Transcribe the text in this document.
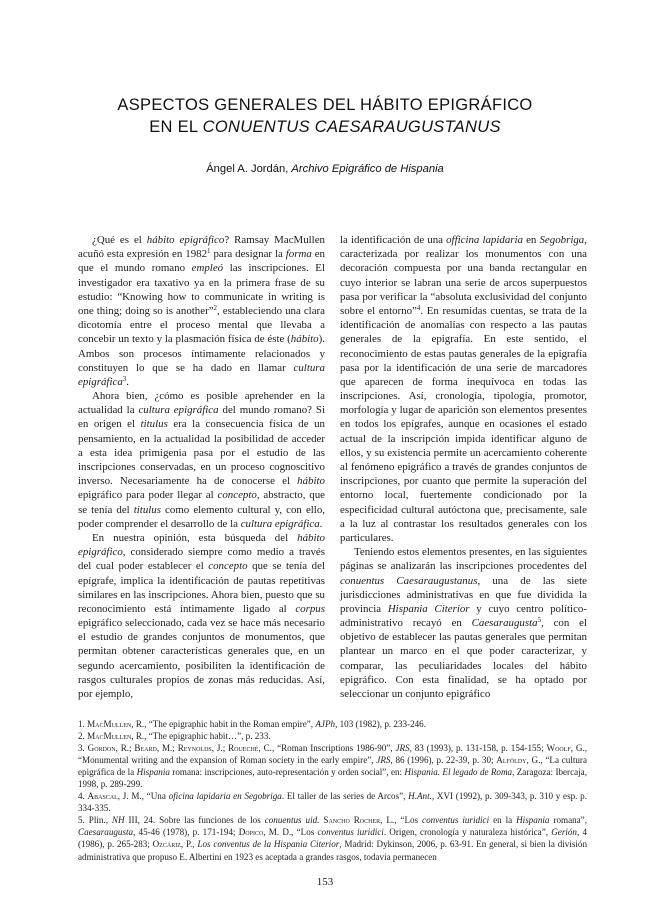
ASPECTOS GENERALES DEL HÁBITO EPIGRÁFICO
EN EL CONUENTUS CAESARAUGUSTANUS
Ángel A. Jordán, Archivo Epigráfico de Hispania

¿Qué es el hábito epigráfico? Ramsay MacMullen acuñó esta expresión en 1982$^1$ para designar la forma en que el mundo romano empleó las inscripciones. El investigador era taxativo ya en la primera frase de su estudio: “Knowing how to communicate in writing is one thing; doing so is another”$^2$, estableciendo una clara dicotomía entre el proceso mental que llevaba a concebir un texto y la plasmación física de éste (hábito). Ambos son procesos íntimamente relacionados y constituyen lo que se ha dado en llamar cultura epigráfica$^3$.

Ahora bien, ¿cómo es posible aprehender en la actualidad la cultura epigráfica del mundo romano? Si en origen el titulus era la consecuencia física de un pensamiento, en la actualidad la posibilidad de acceder a esta idea primigenia pasa por el estudio de las inscripciones conservadas, en un proceso cognoscitivo inverso. Necesariamente ha de conocerse el hábito epigráfico para poder llegar al concepto, abstracto, que se tenía del titulus como elemento cultural y, con ello, poder comprender el desarrollo de la cultura epigráfica.

En nuestra opinión, esta búsqueda del hábito epigráfico, considerado siempre como medio a través del cual poder establecer el concepto que se tenía del epígrafe, implica la identificación de pautas repetitivas similares en las inscripciones. Ahora bien, puesto que su reconocimiento está íntimamente ligado al corpus epigráfico seleccionado, cada vez se hace más necesario el estudio de grandes conjuntos de monumentos, que permitan obtener características generales que, en un segundo acercamiento, posibiliten la identificación de rasgos culturales propios de zonas más reducidas. Así, por ejemplo,

la identificación de una officina lapidaria en Segobriga, caracterizada por realizar los monumentos con una decoración compuesta por una banda rectangular en cuyo interior se labran una serie de arcos superpuestos pasa por verificar la “absoluta exclusividad del conjunto sobre el entorno”$^4$. En resumidas cuentas, se trata de la identificación de anomalías con respecto a las pautas generales de la epigrafía. En este sentido, el reconocimiento de estas pautas generales de la epigrafía pasa por la identificación de una serie de marcadores que aparecen de forma inequívoca en todas las inscripciones. Así, cronología, tipología, promotor, morfología y lugar de aparición son elementos presentes en todos los epígrafes, aunque en ocasiones el estado actual de la inscripción impida identificar alguno de ellos, y su existencia permite un acercamiento coherente al fenómeno epigráfico a través de grandes conjuntos de inscripciones, por cuanto que permite la superación del entorno local, fuertemente condicionado por la especificidad cultural autóctona que, precisamente, sale a la luz al contrastar los resultados generales con los particulares.

Teniendo estos elementos presentes, en las siguientes páginas se analizarán las inscripciones procedentes del conuentus Caesaraugustanus, una de las siete jurisdicciones administrativas en que fue dividida la provincia Hispania Citerior y cuyo centro político-administrativo recayó en Caesaraugusta$^5$, con el objetivo de establecer las pautas generales que permitan plantear un marco en el que poder caracterizar, y comparar, las peculiaridades locales del hábito epigráfico. Con esta finalidad, se ha optado por seleccionar un conjunto epigráfico

1. MacMullen, R., “The epigraphic habit in the Roman empire”, AJPh, 103 (1982), p. 233-246.
2. MacMullen, R., “The epigraphic habit…”, p. 233.
3. Gordon, R.; Beard, M.; Reynolds, J.; Roueché, C., “Roman Inscriptions 1986-90”, JRS, 83 (1993), p. 131-158, p. 154-155; Woolf, G., “Monumental writing and the expansion of Roman society in the early empire”, JRS, 86 (1996), p. 22-39, p. 30; Alföldy, G., “La cultura epigráfica de la Hispania romana: inscripciones, auto-representación y orden social”, en: Hispania. El legado de Roma, Zaragoza: Ibercaja, 1998, p. 289-299.
4. Abascal, J. M., “Una oficina lapidaria en Segobriga. El taller de las series de Arcos”, H.Ant., XVI (1992), p. 309-343, p. 310 y esp. p. 334-335.
5. Plin., NH III, 24. Sobre las funciones de los conuentus uid. Sancho Rocher, L., “Los conventus iuridici en la Hispania romana”, Caesaraugusta, 45-46 (1978), p. 171-194; Dopico, M. D., “Los conventus iuridici. Origen, cronología y naturaleza histórica”, Gerión, 4 (1986), p. 265-283; Ozcáriz, P., Los conventus de la Hispania Citerior, Madrid: Dykinson, 2006, p. 63-91. En general, si bien la división administrativa que propuso E. Albertini en 1923 es aceptada a grandes rasgos, todavía permanecen
153
